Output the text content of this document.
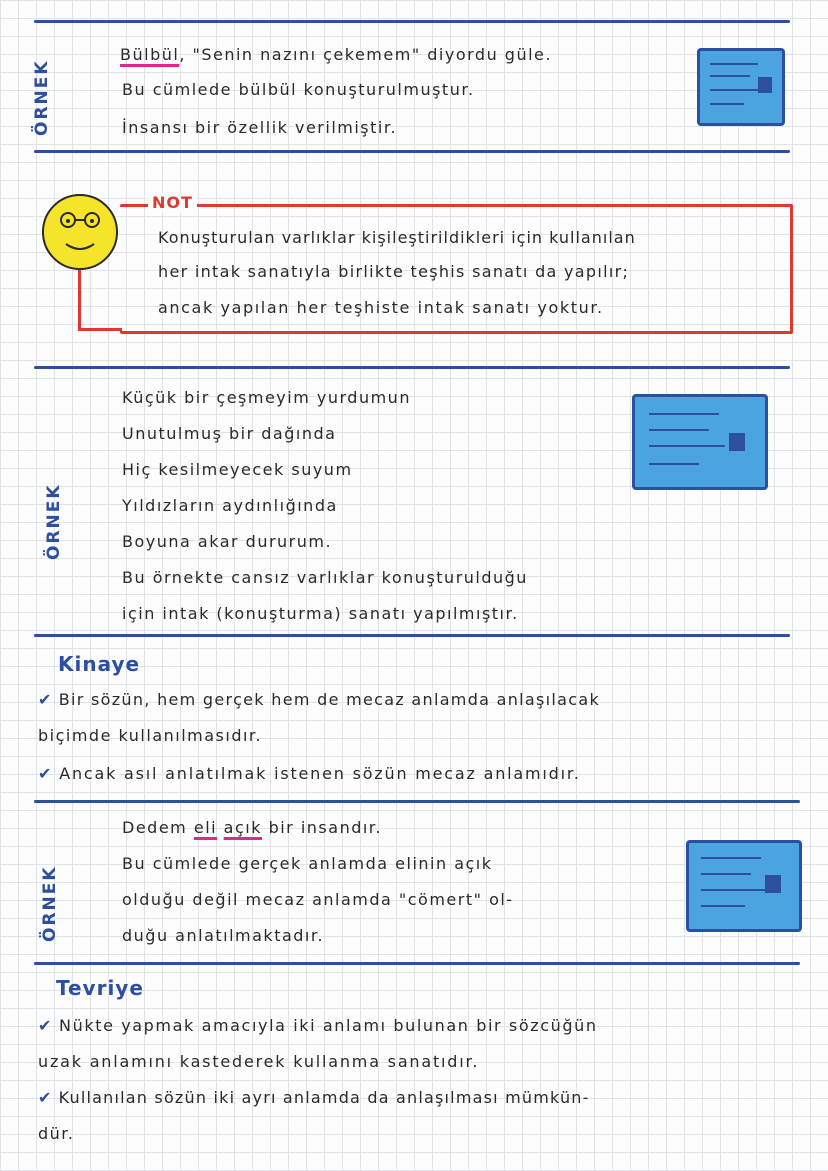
ÖRNEK
Bülbül, "Senin nazını çekemem" diyordu güle.
Bu cümlede bülbül konuşturulmuştur.
İnsansı bir özellik verilmiştir.
NOT
Konuşturulan varlıklar kişileştirildikleri için kullanılan
her intak sanatıyla birlikte teşhis sanatı da yapılır;
ancak yapılan her teşhiste intak sanatı yoktur.
ÖRNEK
Küçük bir çeşmeyim yurdumun
Unutulmuş bir dağında
Hiç kesilmeyecek suyum
Yıldızların aydınlığında
Boyuna akar dururum.
Bu örnekte cansız varlıklar konuşturulduğu
için intak (konuşturma) sanatı yapılmıştır.
Kinaye
✔ Bir sözün, hem gerçek hem de mecaz anlamda anlaşılacak
biçimde kullanılmasıdır.
✔ Ancak asıl anlatılmak istenen sözün mecaz anlamıdır.
ÖRNEK
Dedem eli açık bir insandır.
Bu cümlede gerçek anlamda elinin açık
olduğu değil mecaz anlamda "cömert" ol-
duğu anlatılmaktadır.
Tevriye
✔ Nükte yapmak amacıyla iki anlamı bulunan bir sözcüğün
uzak anlamını kastederek kullanma sanatıdır.
✔ Kullanılan sözün iki ayrı anlamda da anlaşılması mümkün-
dür.
